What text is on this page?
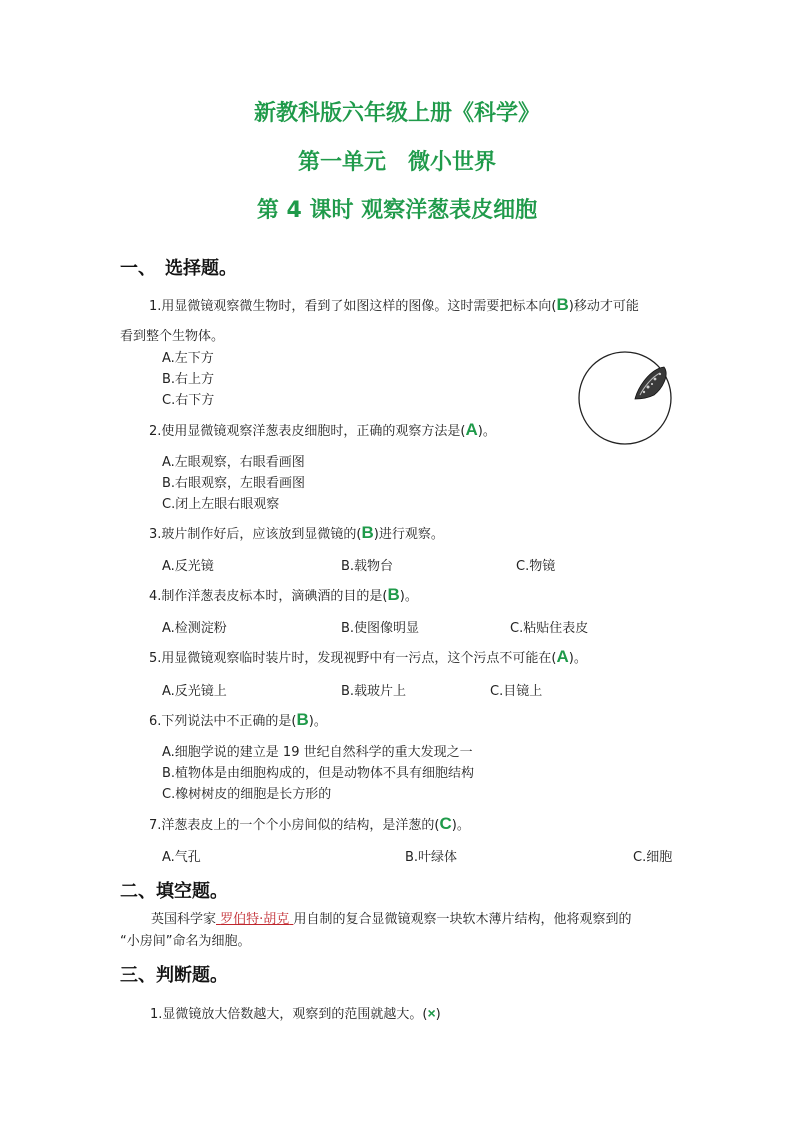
新教科版六年级上册《科学》
第一单元　微小世界
第 4 课时 观察洋葱表皮细胞
一、　选择题。
1.用显微镜观察微生物时，看到了如图这样的图像。这时需要把标本向(B)移动才可能
看到整个生物体。
A.左下方
B.右上方
C.右下方
2.使用显微镜观察洋葱表皮细胞时，正确的观察方法是(A)。
A.左眼观察，右眼看画图
B.右眼观察，左眼看画图
C.闭上左眼右眼观察
3.玻片制作好后，应该放到显微镜的(B)进行观察。
A.反光镜	B.载物台	C.物镜
4.制作洋葱表皮标本时，滴碘酒的目的是(B)。
A.检测淀粉	B.使图像明显	C.粘贴住表皮
5.用显微镜观察临时装片时，发现视野中有一污点，这个污点不可能在(A)。
A.反光镜上	B.载玻片上	C.目镜上
6.下列说法中不正确的是(B)。
A.细胞学说的建立是 19 世纪自然科学的重大发现之一
B.植物体是由细胞构成的，但是动物体不具有细胞结构
C.橡树树皮的细胞是长方形的
7.洋葱表皮上的一个个小房间似的结构，是洋葱的(C)。
A.气孔	B.叶绿体	C.细胞
二、填空题。
英国科学家 罗伯特·胡克 用自制的复合显微镜观察一块软木薄片结构，他将观察到的
“小房间”命名为细胞。
三、判断题。
1.显微镜放大倍数越大，观察到的范围就越大。(×)
